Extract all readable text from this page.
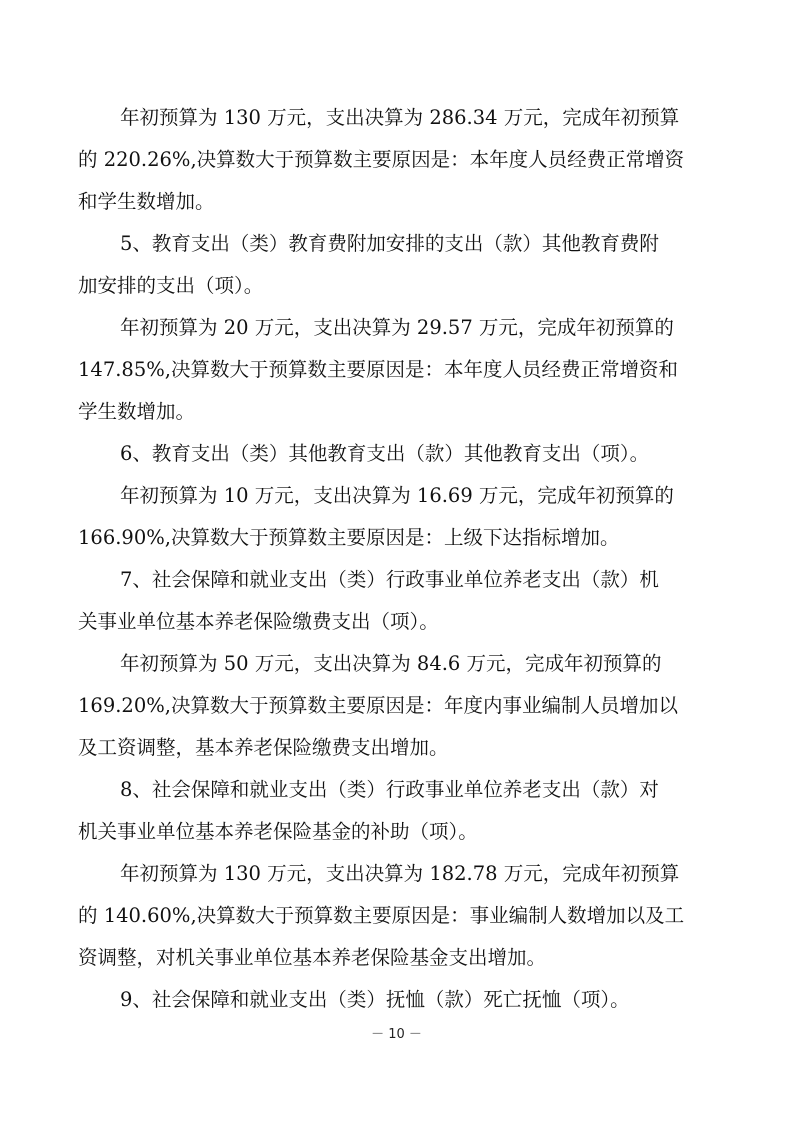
年初预算为 130 万元，支出决算为 286.34 万元，完成年初预算
的 220.26%,决算数大于预算数主要原因是：本年度人员经费正常增资
和学生数增加。
5、教育支出（类）教育费附加安排的支出（款）其他教育费附
加安排的支出（项）。
年初预算为 20 万元，支出决算为 29.57 万元，完成年初预算的
147.85%,决算数大于预算数主要原因是：本年度人员经费正常增资和
学生数增加。
6、教育支出（类）其他教育支出（款）其他教育支出（项）。
年初预算为 10 万元，支出决算为 16.69 万元，完成年初预算的
166.90%,决算数大于预算数主要原因是：上级下达指标增加。
7、社会保障和就业支出（类）行政事业单位养老支出（款）机
关事业单位基本养老保险缴费支出（项）。
年初预算为 50 万元，支出决算为 84.6 万元，完成年初预算的
169.20%,决算数大于预算数主要原因是：年度内事业编制人员增加以
及工资调整，基本养老保险缴费支出增加。
8、社会保障和就业支出（类）行政事业单位养老支出（款）对
机关事业单位基本养老保险基金的补助（项）。
年初预算为 130 万元，支出决算为 182.78 万元，完成年初预算
的 140.60%,决算数大于预算数主要原因是：事业编制人数增加以及工
资调整，对机关事业单位基本养老保险基金支出增加。
9、社会保障和就业支出（类）抚恤（款）死亡抚恤（项）。
－ 10 －
